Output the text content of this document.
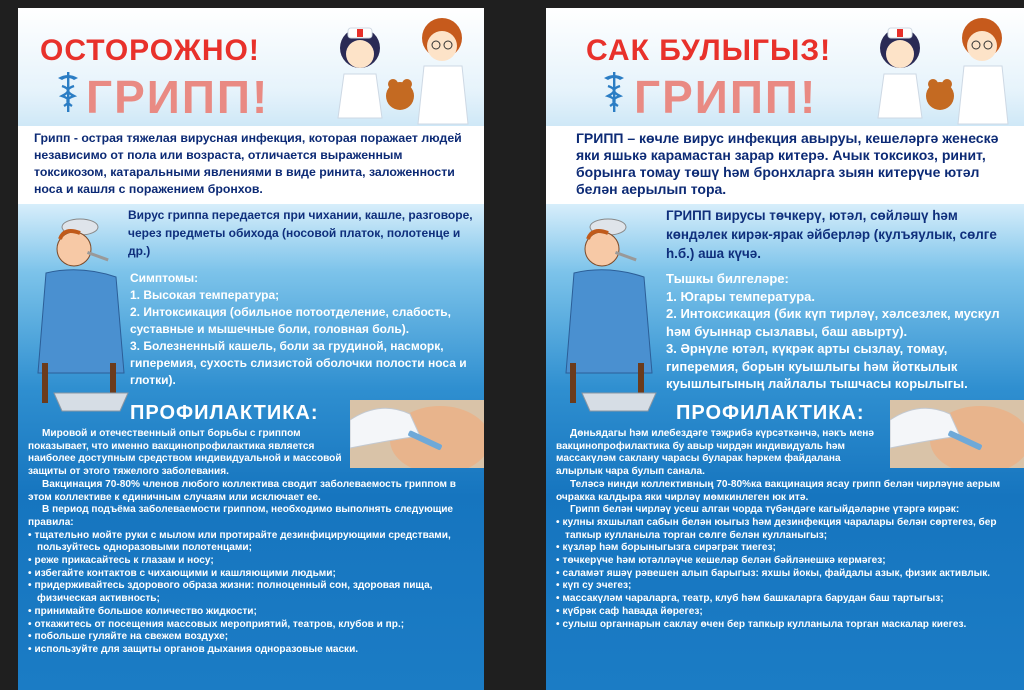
ОСТОРОЖНО!
ГРИПП!
Грипп - острая тяжелая вирусная инфекция, которая поражает людей независимо от пола или возраста, отличается выраженным токсикозом, катаральными явлениями в виде ринита, заложенности носа и кашля с поражением бронхов.
Вирус гриппа передается при чихании, кашле, разговоре, через предметы обихода (носовой платок, полотенце и др.)
Симптомы:
1. Высокая температура;
2. Интоксикация (обильное потоотделение, слабость, суставные и мышечные боли, головная боль).
3. Болезненный кашель, боли за грудиной, насморк, гиперемия, сухость слизистой оболочки полости носа и глотки).
ПРОФИЛАКТИКА:

Мировой и отечественный опыт борьбы с гриппом показывает, что именно вакцинопрофилактика является наиболее доступным средством индивидуальной и массовой защиты от этого тяжелого заболевания.

Вакцинация 70-80% членов любого коллектива сводит заболеваемость гриппом в этом коллективе к единичным случаям или исключает ее.

В период подъёма заболеваемости гриппом, необходимо выполнять следующие правила:

• тщательно мойте руки с мылом или протирайте дезинфицирующими средствами, пользуйтесь одноразовыми полотенцами;
• реже прикасайтесь к глазам и носу;
• избегайте контактов с чихающими и кашляющими людьми;
• придерживайтесь здорового образа жизни: полноценный сон, здоровая пища, физическая активность;
• принимайте большое количество жидкости;
• откажитесь от посещения массовых мероприятий, театров, клубов и пр.;
• побольше гуляйте на свежем воздухе;
• используйте для защиты органов дыхания одноразовые маски.
САК БУЛЫГЫЗ!
ГРИПП!
ГРИПП – көчле вирус инфекция авыруы, кешеләргә женескә яки яшькә карамастан зарар китерә. Ачык токсикоз, ринит, борынга томау төшү һәм бронхларга зыян китерүче ютәл белән аерылып тора.
ГРИПП вирусы төчкерү, ютәл, сөйләшү һәм көндәлек кирәк-ярак әйберләр (кулъяулык, сөлге h.б.) аша күчә.
Тышкы билгеләре:
1. Югары температура.
2. Интоксикация (бик күп тирләү, хәлсезлек, мускул һәм буыннар сызлавы, баш авырту).
3. Әрнүле ютәл, күкрәк арты сызлау, томау, гиперемия, борын куышлыгы һәм йоткылык куышлыгының лайлалы тышчасы корылыгы.
ПРОФИЛАКТИКА:

Дөньядагы һәм илебездәге тәҗрибә күрсәткәнчә, нәкъ менә вакцинопрофилактика бу авыр чирдән индивидуаль һәм массакүләм саклану чарасы буларак һәркем файдалана алырлык чара булып санала.

Теләсә нинди коллективның 70-80%ка вакцинация ясау грипп белән чирләүне аерым очракка калдыра яки чирләү мөмкинлеген юк итә.

Грипп белән чирләү усеш алган чорда түбәндәге кагыйдәләрне үтәргә кирәк:

• кулны яхшылап сабын белән юыгыз һәм дезинфекция чаралары белән сөртегез, бер тапкыр кулланыла торган сөлге белән кулланыгыз;
• күзләр һәм борыныгызга сирәгрәк тиегез;
• төчкерүче һәм ютәлләүче кешеләр белән бәйләнешкә кермәгез;
• саламәт яшәү рәвешен алып барыгыз: яхшы йокы, файдалы азык, физик активлык.
• күп су эчегез;
• массакүләм чараларга, театр, клуб һәм башкаларга барудан баш тартыгыз;
• күбрәк саф һавада йөрегез;
• сулыш органнарын саклау өчен бер тапкыр кулланыла торган маскалар киегез.
